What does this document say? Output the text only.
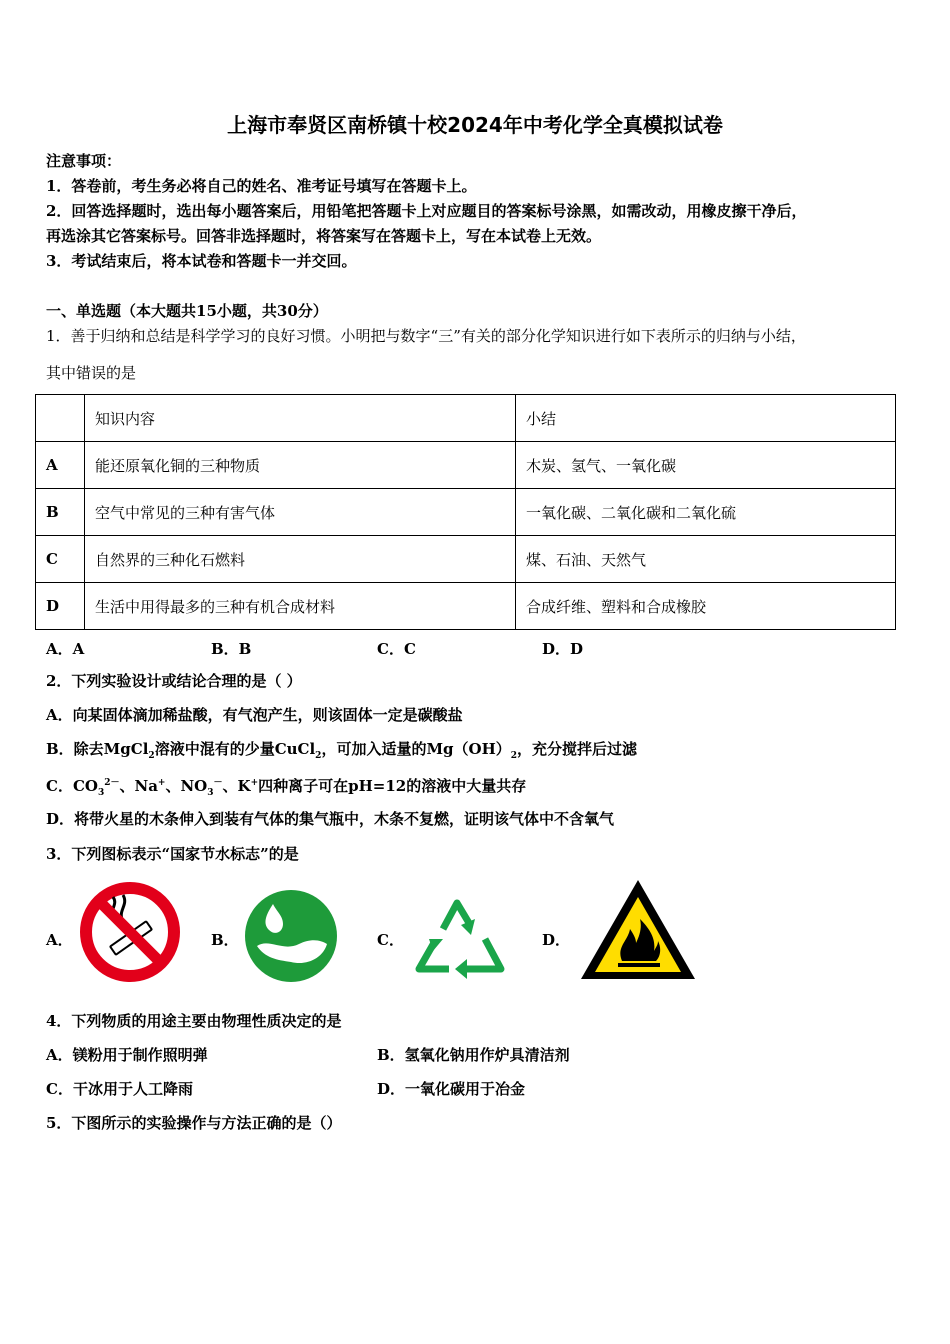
上海市奉贤区南桥镇十校2024年中考化学全真模拟试卷
注意事项：
1．答卷前，考生务必将自己的姓名、准考证号填写在答题卡上。
2．回答选择题时，选出每小题答案后，用铅笔把答题卡上对应题目的答案标号涂黑，如需改动，用橡皮擦干净后，
再选涂其它答案标号。回答非选择题时，将答案写在答题卡上，写在本试卷上无效。
3．考试结束后，将本试卷和答题卡一并交回。
一、单选题（本大题共15小题，共30分）
1．善于归纳和总结是科学学习的良好习惯。小明把与数字“三”有关的部分化学知识进行如下表所示的归纳与小结，
其中错误的是
	知识内容	小结
A	能还原氧化铜的三种物质	木炭、氢气、一氧化碳
B	空气中常见的三种有害气体	一氧化碳、二氧化碳和二氧化硫
C	自然界的三种化石燃料	煤、石油、天然气
D	生活中用得最多的三种有机合成材料	合成纤维、塑料和合成橡胶
A．A	B．B	C．C	D．D
2．下列实验设计或结论合理的是（ ）
A．向某固体滴加稀盐酸，有气泡产生，则该固体一定是碳酸盐
B．除去MgCl$_2$溶液中混有的少量CuCl$_2$，可加入适量的$Mg(OH)_2$，充分搅拌后过滤
C．$CO_3^{2-}$、Na+、$NO_3^-$、K+四种离子可在pH=12的溶液中大量共存
D．将带火星的木条伸入到装有气体的集气瓶中，木条不复燃，证明该气体中不含氧气
3．下列图标表示“国家节水标志”的是
A．	B．	C．	D．
4．下列物质的用途主要由物理性质决定的是
A．镁粉用于制作照明弹	B．氢氧化钠用作炉具清洁剂
C．干冰用于人工降雨	D．一氧化碳用于冶金
5．下图所示的实验操作与方法正确的是（）
